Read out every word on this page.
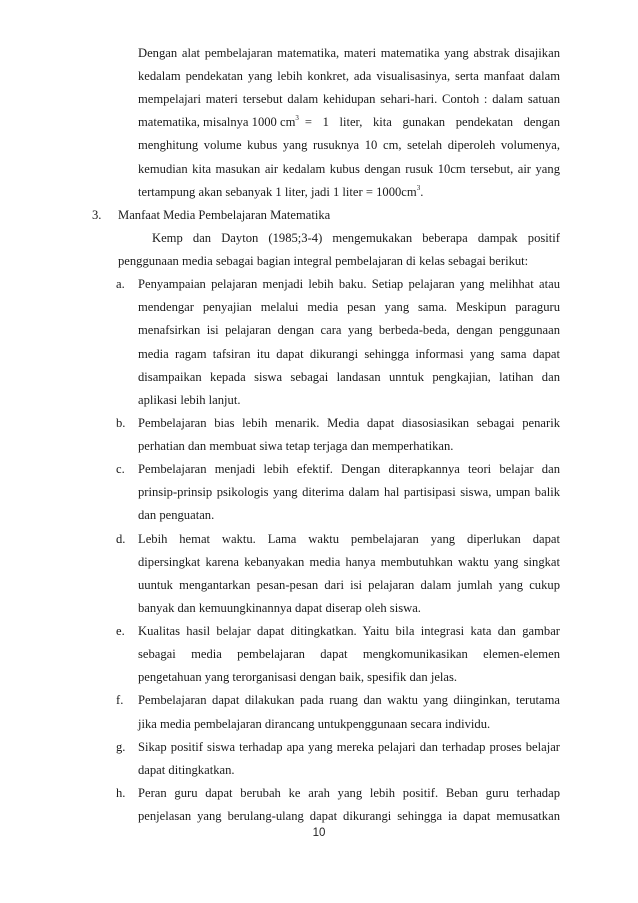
Dengan alat pembelajaran matematika, materi matematika yang abstrak disajikan
kedalam pendekatan yang lebih konkret, ada visualisasinya, serta manfaat dalam
mempelajari materi tersebut dalam kehidupan sehari-hari. Contoh : dalam satuan
matematika, misalnya 1000 $cm^3 = 1$ liter, kita gunakan pendekatan dengan
menghitung volume kubus yang rusuknya 10 cm, setelah diperoleh volumenya,
kemudian kita masukan air kedalam kubus dengan rusuk 10cm tersebut, air yang
tertampung akan sebanyak 1 liter, jadi 1 liter = $1000cm^3$.
3. Manfaat Media Pembelajaran Matematika
Kemp dan Dayton (1985;3-4) mengemukakan beberapa dampak positif
penggunaan media sebagai bagian integral pembelajaran di kelas sebagai berikut:
a. Penyampaian pelajaran menjadi lebih baku. Setiap pelajaran yang melihhat atau
mendengar penyajian melalui media pesan yang sama. Meskipun paraguru
menafsirkan isi pelajaran dengan cara yang berbeda-beda, dengan penggunaan
media ragam tafsiran itu dapat dikurangi sehingga informasi yang sama dapat
disampaikan kepada siswa sebagai landasan unntuk pengkajian, latihan dan
aplikasi lebih lanjut.
b. Pembelajaran bias lebih menarik. Media dapat diasosiasikan sebagai penarik
perhatian dan membuat siwa tetap terjaga dan memperhatikan.
c. Pembelajaran menjadi lebih efektif. Dengan diterapkannya teori belajar dan
prinsip-prinsip psikologis yang diterima dalam hal partisipasi siswa, umpan balik
dan penguatan.
d. Lebih hemat waktu. Lama waktu pembelajaran yang diperlukan dapat
dipersingkat karena kebanyakan media hanya membutuhkan waktu yang singkat
uuntuk mengantarkan pesan-pesan dari isi pelajaran dalam jumlah yang cukup
banyak dan kemuungkinannya dapat diserap oleh siswa.
e. Kualitas hasil belajar dapat ditingkatkan. Yaitu bila integrasi kata dan gambar
sebagai media pembelajaran dapat mengkomunikasikan elemen-elemen
pengetahuan yang terorganisasi dengan baik, spesifik dan jelas.
f. Pembelajaran dapat dilakukan pada ruang dan waktu yang diinginkan, terutama
jika media pembelajaran dirancang untukpenggunaan secara individu.
g. Sikap positif siswa terhadap apa yang mereka pelajari dan terhadap proses belajar
dapat ditingkatkan.
h. Peran guru dapat berubah ke arah yang lebih positif. Beban guru terhadap
penjelasan yang berulang-ulang dapat dikurangi sehingga ia dapat memusatkan
10
